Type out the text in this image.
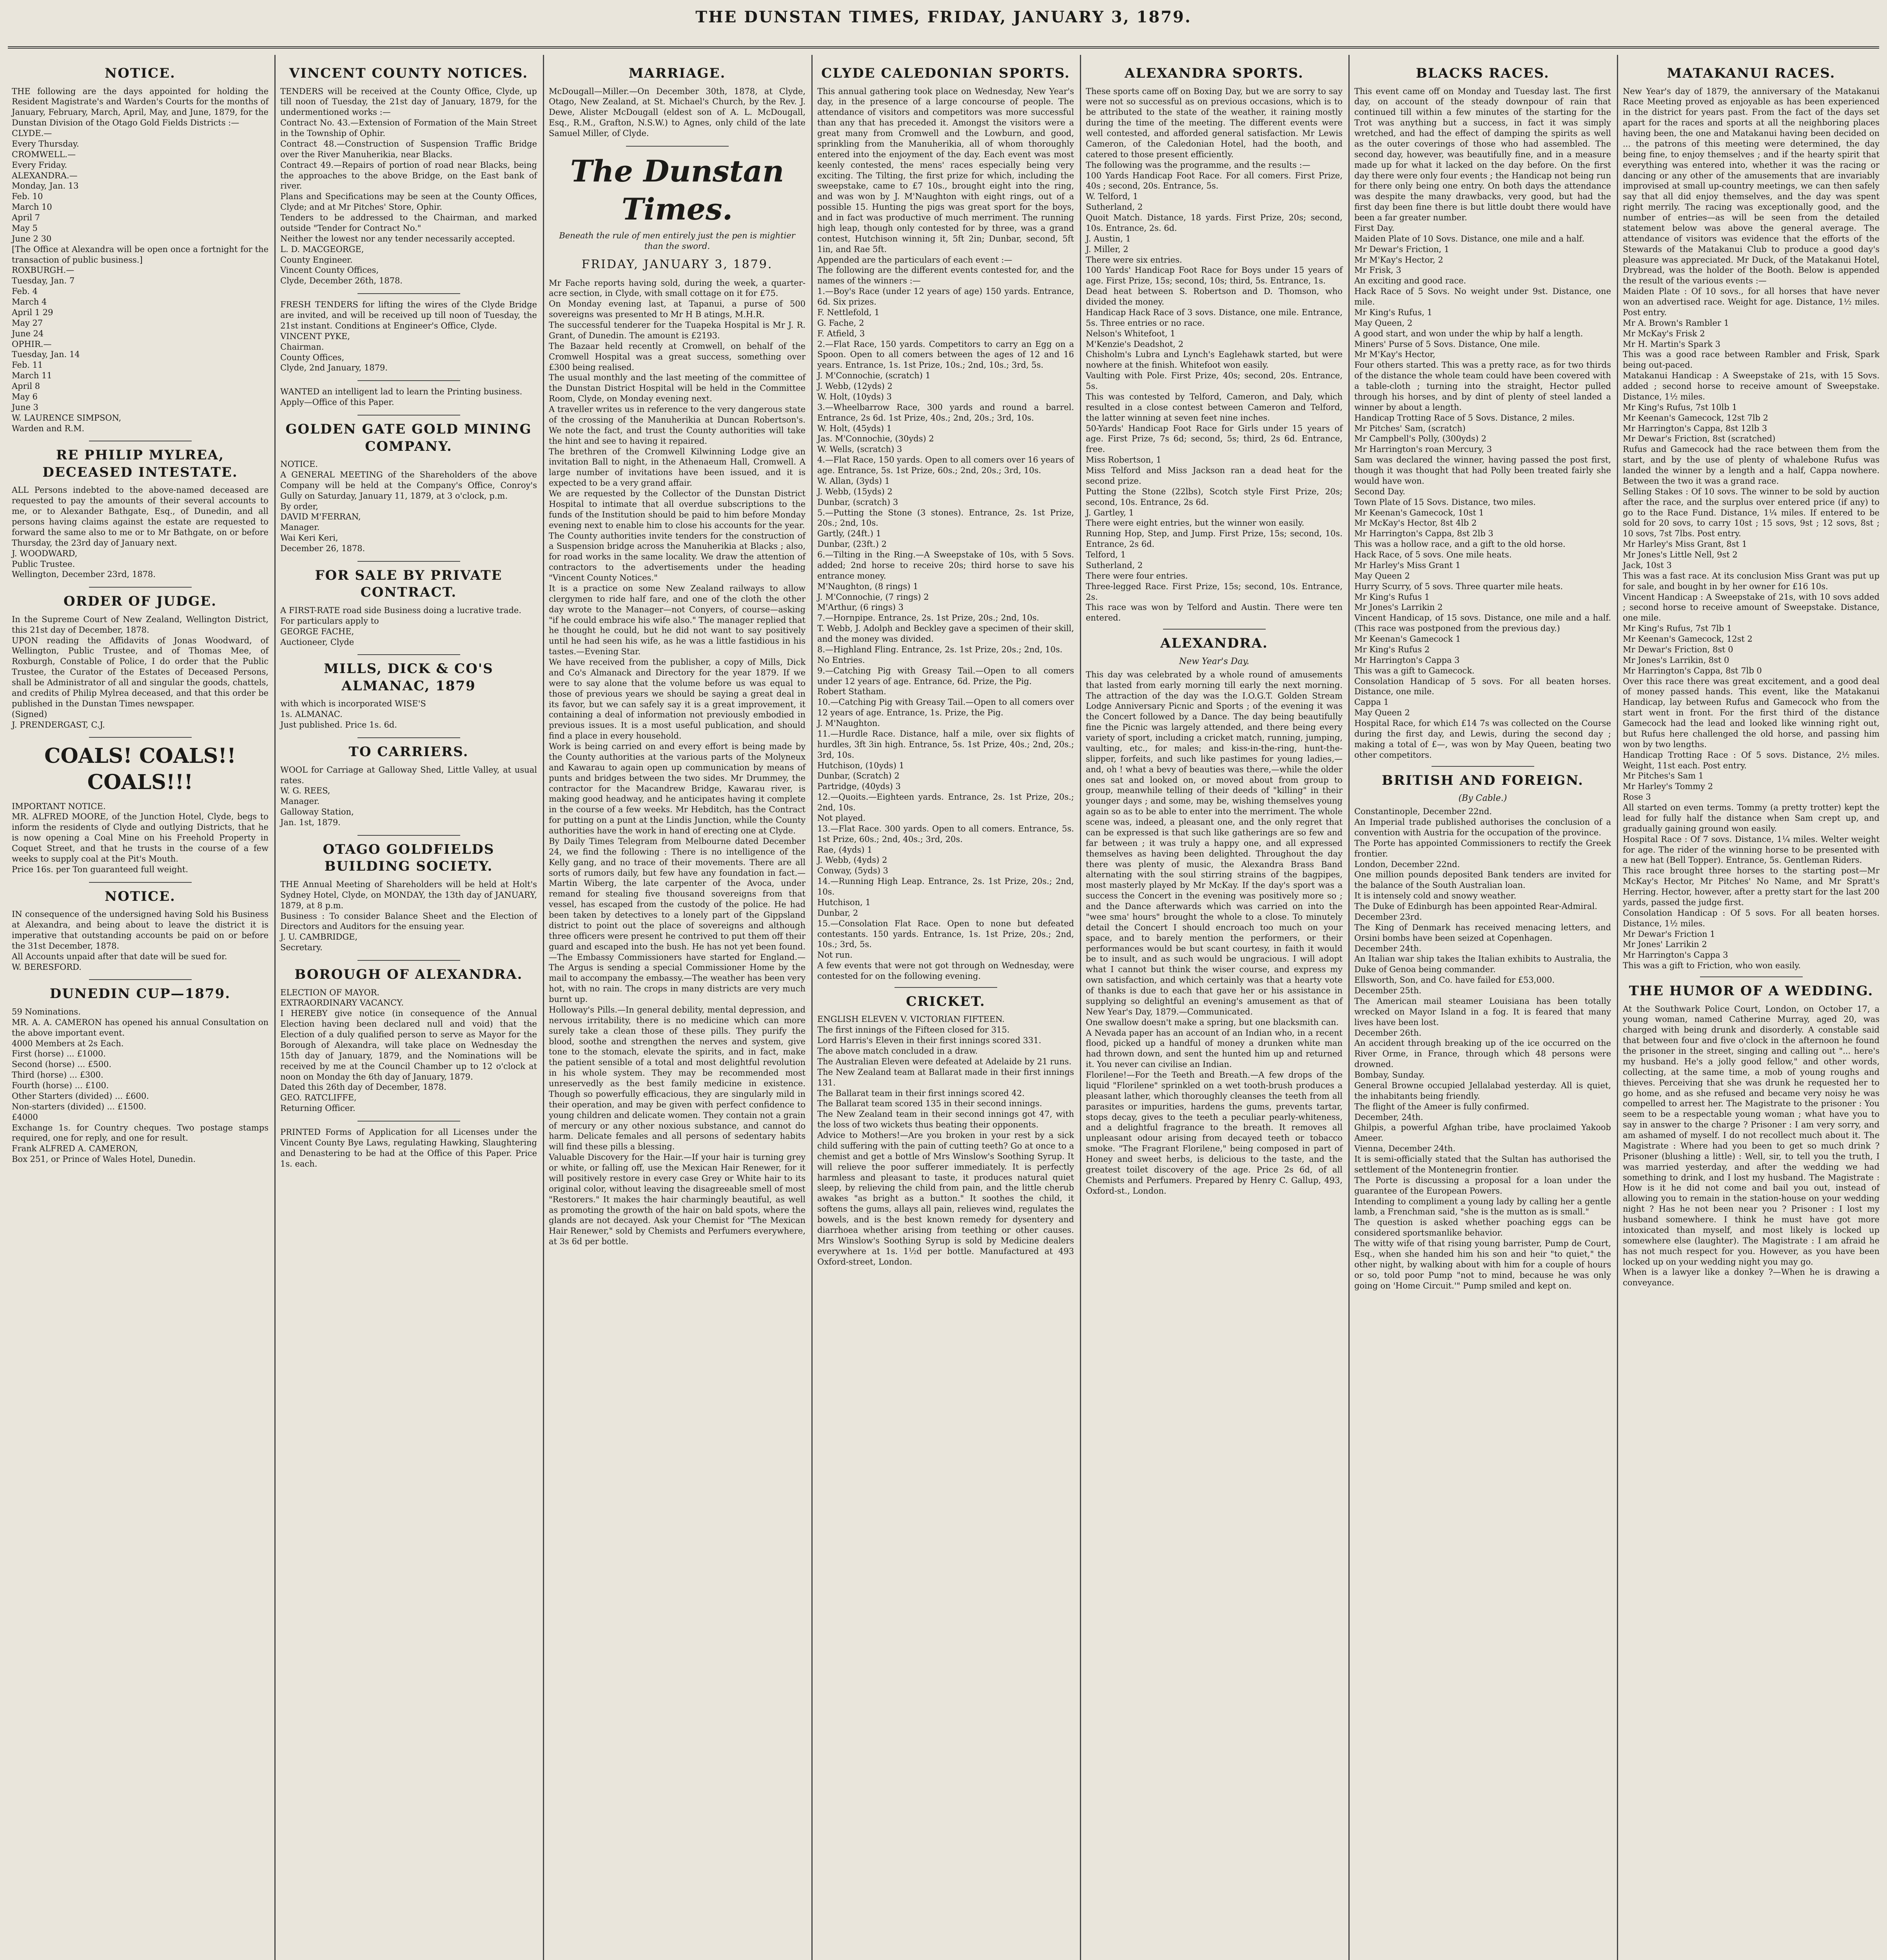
THE DUNSTAN TIMES, FRIDAY, JANUARY 3, 1879.
NOTICE.
THE following are the days appointed for holding the Resident Magistrate's and Warden's Courts for the months of January, February, March, April, May, and June, 1879, for the Dunstan Division of the Otago Gold Fields Districts :—
CLYDE.—
Every Thursday.
CROMWELL.—
Every Friday.
ALEXANDRA.—
Monday, Jan. 13
Feb. 10
March 10
April 7
May 5
June 2 30
[The Office at Alexandra will be open once a fortnight for the transaction of public business.]
ROXBURGH.—
Tuesday, Jan. 7
Feb. 4
March 4
April 1 29
May 27
June 24
OPHIR.—
Tuesday, Jan. 14
Feb. 11
March 11
April 8
May 6
June 3
W. LAURENCE SIMPSON,
Warden and R.M.
RE PHILIP MYLREA, DECEASED INTESTATE.
ALL Persons indebted to the above-named deceased are requested to pay the amounts of their several accounts to me, or to Alexander Bathgate, Esq., of Dunedin, and all persons having claims against the estate are requested to forward the same also to me or to Mr Bathgate, on or before Thursday, the 23rd day of January next.
J. WOODWARD,
Public Trustee.
Wellington, December 23rd, 1878.
ORDER OF JUDGE.
In the Supreme Court of New Zealand, Wellington District, this 21st day of December, 1878.
UPON reading the Affidavits of Jonas Woodward, of Wellington, Public Trustee, and of Thomas Mee, of Roxburgh, Constable of Police, I do order that the Public Trustee, the Curator of the Estates of Deceased Persons, shall be Administrator of all and singular the goods, chattels, and credits of Philip Mylrea deceased, and that this order be published in the Dunstan Times newspaper.
(Signed)
J. PRENDERGAST, C.J.
COALS! COALS!! COALS!!!
IMPORTANT NOTICE.
MR. ALFRED MOORE, of the Junction Hotel, Clyde, begs to inform the residents of Clyde and outlying Districts, that he is now opening a Coal Mine on his Freehold Property in Coquet Street, and that he trusts in the course of a few weeks to supply coal at the Pit's Mouth.
Price 16s. per Ton guaranteed full weight.
NOTICE.
IN consequence of the undersigned having Sold his Business at Alexandra, and being about to leave the district it is imperative that outstanding accounts be paid on or before the 31st December, 1878.
All Accounts unpaid after that date will be sued for.
W. BERESFORD.
DUNEDIN CUP—1879.
59 Nominations.
MR. A. A. CAMERON has opened his annual Consultation on the above important event.
4000 Members at 2s Each.
First (horse) ... £1000.
Second (horse) ... £500.
Third (horse) ... £300.
Fourth (horse) ... £100.
Other Starters (divided) ... £600.
Non-starters (divided) ... £1500.
£4000
Exchange 1s. for Country cheques. Two postage stamps required, one for reply, and one for result.
Frank ALFRED A. CAMERON,
Box 251, or Prince of Wales Hotel, Dunedin.
VINCENT COUNTY NOTICES.
TENDERS will be received at the County Office, Clyde, up till noon of Tuesday, the 21st day of January, 1879, for the undermentioned works :—
Contract No. 43.—Extension of Formation of the Main Street in the Township of Ophir.
Contract 48.—Construction of Suspension Traffic Bridge over the River Manuherikia, near Blacks.
Contract 49.—Repairs of portion of road near Blacks, being the approaches to the above Bridge, on the East bank of river.
Plans and Specifications may be seen at the County Offices, Clyde; and at Mr Pitches' Store, Ophir.
Tenders to be addressed to the Chairman, and marked outside "Tender for Contract No."
Neither the lowest nor any tender necessarily accepted.
L. D. MACGEORGE,
County Engineer.
Vincent County Offices,
Clyde, December 26th, 1878.
FRESH TENDERS for lifting the wires of the Clyde Bridge are invited, and will be received up till noon of Tuesday, the 21st instant. Conditions at Engineer's Office, Clyde.
VINCENT PYKE,
Chairman.
County Offices,
Clyde, 2nd January, 1879.
WANTED an intelligent lad to learn the Printing business.
Apply—Office of this Paper.
GOLDEN GATE GOLD MINING COMPANY.
NOTICE.
A GENERAL MEETING of the Shareholders of the above Company will be held at the Company's Office, Conroy's Gully on Saturday, January 11, 1879, at 3 o'clock, p.m.
By order,
DAVID M'FERRAN,
Manager.
Wai Keri Keri,
December 26, 1878.
FOR SALE BY PRIVATE CONTRACT.
A FIRST-RATE road side Business doing a lucrative trade.
For particulars apply to
GEORGE FACHE,
Auctioneer, Clyde
MILLS, DICK & CO'S ALMANAC, 1879
with which is incorporated WISE'S
1s. ALMANAC.
Just published. Price 1s. 6d.
TO CARRIERS.
WOOL for Carriage at Galloway Shed, Little Valley, at usual rates.
W. G. REES,
Manager.
Galloway Station,
Jan. 1st, 1879.
OTAGO GOLDFIELDS BUILDING SOCIETY.
THE Annual Meeting of Shareholders will be held at Holt's Sydney Hotel, Clyde, on MONDAY, the 13th day of JANUARY, 1879, at 8 p.m.
Business : To consider Balance Sheet and the Election of Directors and Auditors for the ensuing year.
J. U. CAMBRIDGE,
Secretary.
BOROUGH OF ALEXANDRA.
ELECTION OF MAYOR.
EXTRAORDINARY VACANCY.
I HEREBY give notice (in consequence of the Annual Election having been declared null and void) that the Election of a duly qualified person to serve as Mayor for the Borough of Alexandra, will take place on Wednesday the 15th day of January, 1879, and the Nominations will be received by me at the Council Chamber up to 12 o'clock at noon on Monday the 6th day of January, 1879.
Dated this 26th day of December, 1878.
GEO. RATCLIFFE,
Returning Officer.
PRINTED Forms of Application for all Licenses under the Vincent County Bye Laws, regulating Hawking, Slaughtering and Denastering to be had at the Office of this Paper. Price 1s. each.
MARRIAGE.
McDougall—Miller.—On December 30th, 1878, at Clyde, Otago, New Zealand, at St. Michael's Church, by the Rev. J. Dewe, Alister McDougall (eldest son of A. L. McDougall, Esq., R.M., Grafton, N.S.W.) to Agnes, only child of the late Samuel Miller, of Clyde.
The Dunstan Times.
Beneath the rule of men entirely just the pen is mightier than the sword.
FRIDAY, JANUARY 3, 1879.
Mr Fache reports having sold, during the week, a quarter-acre section, in Clyde, with small cottage on it for £75.
On Monday evening last, at Tapanui, a purse of 500 sovereigns was presented to Mr H B atings, M.H.R.
The successful tenderer for the Tuapeka Hospital is Mr J. R. Grant, of Dunedin. The amount is £2193.
The Bazaar held recently at Cromwell, on behalf of the Cromwell Hospital was a great success, something over £300 being realised.
The usual monthly and the last meeting of the committee of the Dunstan District Hospital will be held in the Committee Room, Clyde, on Monday evening next.
A traveller writes us in reference to the very dangerous state of the crossing of the Manuherikia at Duncan Robertson's. We note the fact, and trust the County authorities will take the hint and see to having it repaired.
The brethren of the Cromwell Kilwinning Lodge give an invitation Ball to night, in the Athenaeum Hall, Cromwell. A large number of invitations have been issued, and it is expected to be a very grand affair.
We are requested by the Collector of the Dunstan District Hospital to intimate that all overdue subscriptions to the funds of the Institution should be paid to him before Monday evening next to enable him to close his accounts for the year.
The County authorities invite tenders for the construction of a Suspension bridge across the Manuherikia at Blacks ; also, for road works in the same locality. We draw the attention of contractors to the advertisements under the heading "Vincent County Notices."
It is a practice on some New Zealand railways to allow clergymen to ride half fare, and one of the cloth the other day wrote to the Manager—not Conyers, of course—asking "if he could embrace his wife also." The manager replied that he thought he could, but he did not want to say positively until he had seen his wife, as he was a little fastidious in his tastes.—Evening Star.
We have received from the publisher, a copy of Mills, Dick and Co's Almanack and Directory for the year 1879. If we were to say alone that the volume before us was equal to those of previous years we should be saying a great deal in its favor, but we can safely say it is a great improvement, it containing a deal of information not previously embodied in previous issues. It is a most useful publication, and should find a place in every household.
Work is being carried on and every effort is being made by the County authorities at the various parts of the Molyneux and Kawarau to again open up communication by means of punts and bridges between the two sides. Mr Drummey, the contractor for the Macandrew Bridge, Kawarau river, is making good headway, and he anticipates having it complete in the course of a few weeks. Mr Hebditch, has the Contract for putting on a punt at the Lindis Junction, while the County authorities have the work in hand of erecting one at Clyde.
By Daily Times Telegram from Melbourne dated December 24, we find the following : There is no intelligence of the Kelly gang, and no trace of their movements. There are all sorts of rumors daily, but few have any foundation in fact.—Martin Wiberg, the late carpenter of the Avoca, under remand for stealing five thousand sovereigns from that vessel, has escaped from the custody of the police. He had been taken by detectives to a lonely part of the Gippsland district to point out the place of sovereigns and although three officers were present he contrived to put them off their guard and escaped into the bush. He has not yet been found.—The Embassy Commissioners have started for England.—The Argus is sending a special Commissioner Home by the mail to accompany the embassy.—The weather has been very hot, with no rain. The crops in many districts are very much burnt up.
Holloway's Pills.—In general debility, mental depression, and nervous irritability, there is no medicine which can more surely take a clean those of these pills. They purify the blood, soothe and strengthen the nerves and system, give tone to the stomach, elevate the spirits, and in fact, make the patient sensible of a total and most delightful revolution in his whole system. They may be recommended most unreservedly as the best family medicine in existence. Though so powerfully efficacious, they are singularly mild in their operation, and may be given with perfect confidence to young children and delicate women. They contain not a grain of mercury or any other noxious substance, and cannot do harm. Delicate females and all persons of sedentary habits will find these pills a blessing.
Valuable Discovery for the Hair.—If your hair is turning grey or white, or falling off, use the Mexican Hair Renewer, for it will positively restore in every case Grey or White hair to its original color, without leaving the disagreeable smell of most "Restorers." It makes the hair charmingly beautiful, as well as promoting the growth of the hair on bald spots, where the glands are not decayed. Ask your Chemist for "The Mexican Hair Renewer," sold by Chemists and Perfumers everywhere, at 3s 6d per bottle.
CLYDE CALEDONIAN SPORTS.
This annual gathering took place on Wednesday, New Year's day, in the presence of a large concourse of people. The attendance of visitors and competitors was more successful than any that has preceded it. Amongst the visitors were a great many from Cromwell and the Lowburn, and good, sprinkling from the Manuherikia, all of whom thoroughly entered into the enjoyment of the day. Each event was most keenly contested, the mens' races especially being very exciting. The Tilting, the first prize for which, including the sweepstake, came to £7 10s., brought eight into the ring, and was won by J. M'Naughton with eight rings, out of a possible 15. Hunting the pigs was great sport for the boys, and in fact was productive of much merriment. The running high leap, though only contested for by three, was a grand contest, Hutchison winning it, 5ft 2in; Dunbar, second, 5ft 1in, and Rae 5ft.
Appended are the particulars of each event :—
The following are the different events contested for, and the names of the winners :—
1.—Boy's Race (under 12 years of age) 150 yards. Entrance, 6d. Six prizes.
F. Nettlefold, 1
G. Fache, 2
F. Atfield, 3
2.—Flat Race, 150 yards. Competitors to carry an Egg on a Spoon. Open to all comers between the ages of 12 and 16 years. Entrance, 1s. 1st Prize, 10s.; 2nd, 10s.; 3rd, 5s.
J. M'Connochie, (scratch) 1
J. Webb, (12yds) 2
W. Holt, (10yds) 3
3.—Wheelbarrow Race, 300 yards and round a barrel. Entrance, 2s 6d. 1st Prize, 40s.; 2nd, 20s.; 3rd, 10s.
W. Holt, (45yds) 1
Jas. M'Connochie, (30yds) 2
W. Wells, (scratch) 3
4.—Flat Race, 150 yards. Open to all comers over 16 years of age. Entrance, 5s. 1st Prize, 60s.; 2nd, 20s.; 3rd, 10s.
W. Allan, (3yds) 1
J. Webb, (15yds) 2
Dunbar, (scratch) 3
5.—Putting the Stone (3 stones). Entrance, 2s. 1st Prize, 20s.; 2nd, 10s.
Gartly, (24ft.) 1
Dunbar, (23ft.) 2
6.—Tilting in the Ring.—A Sweepstake of 10s, with 5 Sovs. added; 2nd horse to receive 20s; third horse to save his entrance money.
M'Naughton, (8 rings) 1
J. M'Connochie, (7 rings) 2
M'Arthur, (6 rings) 3
7.—Hornpipe. Entrance, 2s. 1st Prize, 20s.; 2nd, 10s.
T. Webb, J. Adolph and Beckley gave a specimen of their skill, and the money was divided.
8.—Highland Fling. Entrance, 2s. 1st Prize, 20s.; 2nd, 10s.
No Entries.
9.—Catching Pig with Greasy Tail.—Open to all comers under 12 years of age. Entrance, 6d. Prize, the Pig.
Robert Statham.
10.—Catching Pig with Greasy Tail.—Open to all comers over 12 years of age. Entrance, 1s. Prize, the Pig.
J. M'Naughton.
11.—Hurdle Race. Distance, half a mile, over six flights of hurdles, 3ft 3in high. Entrance, 5s. 1st Prize, 40s.; 2nd, 20s.; 3rd, 10s.
Hutchison, (10yds) 1
Dunbar, (Scratch) 2
Partridge, (40yds) 3
12.—Quoits.—Eighteen yards. Entrance, 2s. 1st Prize, 20s.; 2nd, 10s.
Not played.
13.—Flat Race. 300 yards. Open to all comers. Entrance, 5s. 1st Prize, 60s.; 2nd, 40s.; 3rd, 20s.
Rae, (4yds) 1
J. Webb, (4yds) 2
Conway, (5yds) 3
14.—Running High Leap. Entrance, 2s. 1st Prize, 20s.; 2nd, 10s.
Hutchison, 1
Dunbar, 2
15.—Consolation Flat Race. Open to none but defeated contestants. 150 yards. Entrance, 1s. 1st Prize, 20s.; 2nd, 10s.; 3rd, 5s.
Not run.
A few events that were not got through on Wednesday, were contested for on the following evening.
CRICKET.
ENGLISH ELEVEN V. VICTORIAN FIFTEEN.
The first innings of the Fifteen closed for 315.
Lord Harris's Eleven in their first innings scored 331.
The above match concluded in a draw.
The Australian Eleven were defeated at Adelaide by 21 runs.
The New Zealand team at Ballarat made in their first innings 131.
The Ballarat team in their first innings scored 42.
The Ballarat team scored 135 in their second innings.
The New Zealand team in their second innings got 47, with the loss of two wickets thus beating their opponents.
Advice to Mothers!—Are you broken in your rest by a sick child suffering with the pain of cutting teeth? Go at once to a chemist and get a bottle of Mrs Winslow's Soothing Syrup. It will relieve the poor sufferer immediately. It is perfectly harmless and pleasant to taste, it produces natural quiet sleep, by relieving the child from pain, and the little cherub awakes "as bright as a button." It soothes the child, it softens the gums, allays all pain, relieves wind, regulates the bowels, and is the best known remedy for dysentery and diarrhoea whether arising from teething or other causes. Mrs Winslow's Soothing Syrup is sold by Medicine dealers everywhere at 1s. 1½d per bottle. Manufactured at 493 Oxford-street, London.
ALEXANDRA SPORTS.
These sports came off on Boxing Day, but we are sorry to say were not so successful as on previous occasions, which is to be attributed to the state of the weather, it raining mostly during the time of the meeting. The different events were well contested, and afforded general satisfaction. Mr Lewis Cameron, of the Caledonian Hotel, had the booth, and catered to those present efficiently.
The following was the programme, and the results :—
100 Yards Handicap Foot Race. For all comers. First Prize, 40s ; second, 20s. Entrance, 5s.
W. Telford, 1
Sutherland, 2
Quoit Match. Distance, 18 yards. First Prize, 20s; second, 10s. Entrance, 2s. 6d.
J. Austin, 1
J. Miller, 2
There were six entries.
100 Yards' Handicap Foot Race for Boys under 15 years of age. First Prize, 15s; second, 10s; third, 5s. Entrance, 1s.
Dead heat between S. Robertson and D. Thomson, who divided the money.
Handicap Hack Race of 3 sovs. Distance, one mile. Entrance, 5s. Three entries or no race.
Nelson's Whitefoot, 1
M'Kenzie's Deadshot, 2
Chisholm's Lubra and Lynch's Eaglehawk started, but were nowhere at the finish. Whitefoot won easily.
Vaulting with Pole. First Prize, 40s; second, 20s. Entrance, 5s.
This was contested by Telford, Cameron, and Daly, which resulted in a close contest between Cameron and Telford, the latter winning at seven feet nine inches.
50-Yards' Handicap Foot Race for Girls under 15 years of age. First Prize, 7s 6d; second, 5s; third, 2s 6d. Entrance, free.
Miss Robertson, 1
Miss Telford and Miss Jackson ran a dead heat for the second prize.
Putting the Stone (22lbs), Scotch style First Prize, 20s; second, 10s. Entrance, 2s 6d.
J. Gartley, 1
There were eight entries, but the winner won easily.
Running Hop, Step, and Jump. First Prize, 15s; second, 10s. Entrance, 2s 6d.
Telford, 1
Sutherland, 2
There were four entries.
Three-legged Race. First Prize, 15s; second, 10s. Entrance, 2s.
This race was won by Telford and Austin. There were ten entered.
ALEXANDRA.
New Year's Day.
This day was celebrated by a whole round of amusements that lasted from early morning till early the next morning. The attraction of the day was the I.O.G.T. Golden Stream Lodge Anniversary Picnic and Sports ; of the evening it was the Concert followed by a Dance. The day being beautifully fine the Picnic was largely attended, and there being every variety of sport, including a cricket match, running, jumping, vaulting, etc., for males; and kiss-in-the-ring, hunt-the-slipper, forfeits, and such like pastimes for young ladies,—and, oh ! what a bevy of beauties was there,—while the older ones sat and looked on, or moved about from group to group, meanwhile telling of their deeds of "killing" in their younger days ; and some, may be, wishing themselves young again so as to be able to enter into the merriment. The whole scene was, indeed, a pleasant one, and the only regret that can be expressed is that such like gatherings are so few and far between ; it was truly a happy one, and all expressed themselves as having been delighted. Throughout the day there was plenty of music, the Alexandra Brass Band alternating with the soul stirring strains of the bagpipes, most masterly played by Mr McKay. If the day's sport was a success the Concert in the evening was positively more so ; and the Dance afterwards which was carried on into the "wee sma' hours" brought the whole to a close. To minutely detail the Concert I should encroach too much on your space, and to barely mention the performers, or their performances would be but scant courtesy, in faith it would be to insult, and as such would be ungracious. I will adopt what I cannot but think the wiser course, and express my own satisfaction, and which certainly was that a hearty vote of thanks is due to each that gave her or his assistance in supplying so delightful an evening's amusement as that of New Year's Day, 1879.—Communicated.
One swallow doesn't make a spring, but one blacksmith can.
A Nevada paper has an account of an Indian who, in a recent flood, picked up a handful of money a drunken white man had thrown down, and sent the hunted him up and returned it. You never can civilise an Indian.
Florilene!—For the Teeth and Breath.—A few drops of the liquid "Florilene" sprinkled on a wet tooth-brush produces a pleasant lather, which thoroughly cleanses the teeth from all parasites or impurities, hardens the gums, prevents tartar, stops decay, gives to the teeth a peculiar pearly-whiteness, and a delightful fragrance to the breath. It removes all unpleasant odour arising from decayed teeth or tobacco smoke. "The Fragrant Florilene," being composed in part of Honey and sweet herbs, is delicious to the taste, and the greatest toilet discovery of the age. Price 2s 6d, of all Chemists and Perfumers. Prepared by Henry C. Gallup, 493, Oxford-st., London.
BLACKS RACES.
This event came off on Monday and Tuesday last. The first day, on account of the steady downpour of rain that continued till within a few minutes of the starting for the Trot was anything but a success, in fact it was simply wretched, and had the effect of damping the spirits as well as the outer coverings of those who had assembled. The second day, however, was beautifully fine, and in a measure made up for what it lacked on the day before. On the first day there were only four events ; the Handicap not being run for there only being one entry. On both days the attendance was despite the many drawbacks, very good, but had the first day been fine there is but little doubt there would have been a far greater number.
First Day.
Maiden Plate of 10 Sovs. Distance, one mile and a half.
Mr Dewar's Friction, 1
Mr M'Kay's Hector, 2
Mr Frisk, 3
An exciting and good race.
Hack Race of 5 Sovs. No weight under 9st. Distance, one mile.
Mr King's Rufus, 1
May Queen, 2
A good start, and won under the whip by half a length.
Miners' Purse of 5 Sovs. Distance, One mile.
Mr M'Kay's Hector,
Four others started. This was a pretty race, as for two thirds of the distance the whole team could have been covered with a table-cloth ; turning into the straight, Hector pulled through his horses, and by dint of plenty of steel landed a winner by about a length.
Handicap Trotting Race of 5 Sovs. Distance, 2 miles.
Mr Pitches' Sam, (scratch)
Mr Campbell's Polly, (300yds) 2
Mr Harrington's roan Mercury, 3
Sam was declared the winner, having passed the post first, though it was thought that had Polly been treated fairly she would have won.
Second Day.
Town Plate of 15 Sovs. Distance, two miles.
Mr Keenan's Gamecock, 10st 1
Mr McKay's Hector, 8st 4lb 2
Mr Harrington's Cappa, 8st 2lb 3
This was a hollow race, and a gift to the old horse.
Hack Race, of 5 sovs. One mile heats.
Mr Harley's Miss Grant 1
May Queen 2
Hurry Scurry, of 5 sovs. Three quarter mile heats.
Mr King's Rufus 1
Mr Jones's Larrikin 2
Vincent Handicap, of 15 sovs. Distance, one mile and a half. (This race was postponed from the previous day.)
Mr Keenan's Gamecock 1
Mr King's Rufus 2
Mr Harrington's Cappa 3
This was a gift to Gamecock.
Consolation Handicap of 5 sovs. For all beaten horses. Distance, one mile.
Cappa 1
May Queen 2
Hospital Race, for which £14 7s was collected on the Course during the first day, and Lewis, during the second day ; making a total of £—, was won by May Queen, beating two other competitors.
BRITISH AND FOREIGN.
(By Cable.)
Constantinople, December 22nd.
An Imperial trade published authorises the conclusion of a convention with Austria for the occupation of the province.
The Porte has appointed Commissioners to rectify the Greek frontier.
London, December 22nd.
One million pounds deposited Bank tenders are invited for the balance of the South Australian loan.
It is intensely cold and snowy weather.
The Duke of Edinburgh has been appointed Rear-Admiral.
December 23rd.
The King of Denmark has received menacing letters, and Orsini bombs have been seized at Copenhagen.
December 24th.
An Italian war ship takes the Italian exhibits to Australia, the Duke of Genoa being commander.
Ellsworth, Son, and Co. have failed for £53,000.
December 25th.
The American mail steamer Louisiana has been totally wrecked on Mayor Island in a fog. It is feared that many lives have been lost.
December 26th.
An accident through breaking up of the ice occurred on the River Orme, in France, through which 48 persons were drowned.
Bombay, Sunday.
General Browne occupied Jellalabad yesterday. All is quiet, the inhabitants being friendly.
The flight of the Ameer is fully confirmed.
December, 24th.
Ghilpis, a powerful Afghan tribe, have proclaimed Yakoob Ameer.
Vienna, December 24th.
It is semi-officially stated that the Sultan has authorised the settlement of the Montenegrin frontier.
The Porte is discussing a proposal for a loan under the guarantee of the European Powers.
Intending to compliment a young lady by calling her a gentle lamb, a Frenchman said, "she is the mutton as is small."
The question is asked whether poaching eggs can be considered sportsmanlike behavior.
The witty wife of that rising young barrister, Pump de Court, Esq., when she handed him his son and heir "to quiet," the other night, by walking about with him for a couple of hours or so, told poor Pump "not to mind, because he was only going on 'Home Circuit.'" Pump smiled and kept on.
MATAKANUI RACES.
New Year's day of 1879, the anniversary of the Matakanui Race Meeting proved as enjoyable as has been experienced in the district for years past. From the fact of the days set apart for the races and sports at all the neighboring places having been, the one and Matakanui having been decided on ... the patrons of this meeting were determined, the day being fine, to enjoy themselves ; and if the hearty spirit that everything was entered into, whether it was the racing or dancing or any other of the amusements that are invariably improvised at small up-country meetings, we can then safely say that all did enjoy themselves, and the day was spent right merrily. The racing was exceptionally good, and the number of entries—as will be seen from the detailed statement below was above the general average. The attendance of visitors was evidence that the efforts of the Stewards of the Matakanui Club to produce a good day's pleasure was appreciated. Mr Duck, of the Matakanui Hotel, Drybread, was the holder of the Booth. Below is appended the result of the various events :—
Maiden Plate : Of 10 sovs., for all horses that have never won an advertised race. Weight for age. Distance, 1½ miles. Post entry.
Mr A. Brown's Rambler 1
Mr McKay's Frisk 2
Mr H. Martin's Spark 3
This was a good race between Rambler and Frisk, Spark being out-paced.
Matakanui Handicap : A Sweepstake of 21s, with 15 Sovs. added ; second horse to receive amount of Sweepstake. Distance, 1½ miles.
Mr King's Rufus, 7st 10lb 1
Mr Keenan's Gamecock, 12st 7lb 2
Mr Harrington's Cappa, 8st 12lb 3
Mr Dewar's Friction, 8st (scratched)
Rufus and Gamecock had the race between them from the start, and by the use of plenty of whalebone Rufus was landed the winner by a length and a half, Cappa nowhere. Between the two it was a grand race.
Selling Stakes : Of 10 sovs. The winner to be sold by auction after the race, and the surplus over entered price (if any) to go to the Race Fund. Distance, 1¼ miles. If entered to be sold for 20 sovs, to carry 10st ; 15 sovs, 9st ; 12 sovs, 8st ; 10 sovs, 7st 7lbs. Post entry.
Mr Harley's Miss Grant, 8st 1
Mr Jones's Little Nell, 9st 2
Jack, 10st 3
This was a fast race. At its conclusion Miss Grant was put up for sale, and bought in by her owner for £16 10s.
Vincent Handicap : A Sweepstake of 21s, with 10 sovs added ; second horse to receive amount of Sweepstake. Distance, one mile.
Mr King's Rufus, 7st 7lb 1
Mr Keenan's Gamecock, 12st 2
Mr Dewar's Friction, 8st 0
Mr Jones's Larrikin, 8st 0
Mr Harrington's Cappa, 8st 7lb 0
Over this race there was great excitement, and a good deal of money passed hands. This event, like the Matakanui Handicap, lay between Rufus and Gamecock who from the start went in front. For the first third of the distance Gamecock had the lead and looked like winning right out, but Rufus here challenged the old horse, and passing him won by two lengths.
Handicap Trotting Race : Of 5 sovs. Distance, 2½ miles. Weight, 11st each. Post entry.
Mr Pitches's Sam 1
Mr Harley's Tommy 2
Rose 3
All started on even terms. Tommy (a pretty trotter) kept the lead for fully half the distance when Sam crept up, and gradually gaining ground won easily.
Hospital Race : Of 7 sovs. Distance, 1¼ miles. Welter weight for age. The rider of the winning horse to be presented with a new hat (Bell Topper). Entrance, 5s. Gentleman Riders.
This race brought three horses to the starting post—Mr McKay's Hector, Mr Pitches' No Name, and Mr Spratt's Herring. Hector, however, after a pretty start for the last 200 yards, passed the judge first.
Consolation Handicap : Of 5 sovs. For all beaten horses. Distance, 1½ miles.
Mr Dewar's Friction 1
Mr Jones' Larrikin 2
Mr Harrington's Cappa 3
This was a gift to Friction, who won easily.
THE HUMOR OF A WEDDING.
At the Southwark Police Court, London, on October 17, a young woman, named Catherine Murray, aged 20, was charged with being drunk and disorderly. A constable said that between four and five o'clock in the afternoon he found the prisoner in the street, singing and calling out "... here's my husband. He's a jolly good fellow," and other words, collecting, at the same time, a mob of young roughs and thieves. Perceiving that she was drunk he requested her to go home, and as she refused and became very noisy he was compelled to arrest her. The Magistrate to the prisoner : You seem to be a respectable young woman ; what have you to say in answer to the charge ? Prisoner : I am very sorry, and am ashamed of myself. I do not recollect much about it. The Magistrate : Where had you been to get so much drink ? Prisoner (blushing a little) : Well, sir, to tell you the truth, I was married yesterday, and after the wedding we had something to drink, and I lost my husband. The Magistrate : How is it he did not come and bail you out, instead of allowing you to remain in the station-house on your wedding night ? Has he not been near you ? Prisoner : I lost my husband somewhere. I think he must have got more intoxicated than myself, and most likely is locked up somewhere else (laughter). The Magistrate : I am afraid he has not much respect for you. However, as you have been locked up on your wedding night you may go.
When is a lawyer like a donkey ?—When he is drawing a conveyance.
